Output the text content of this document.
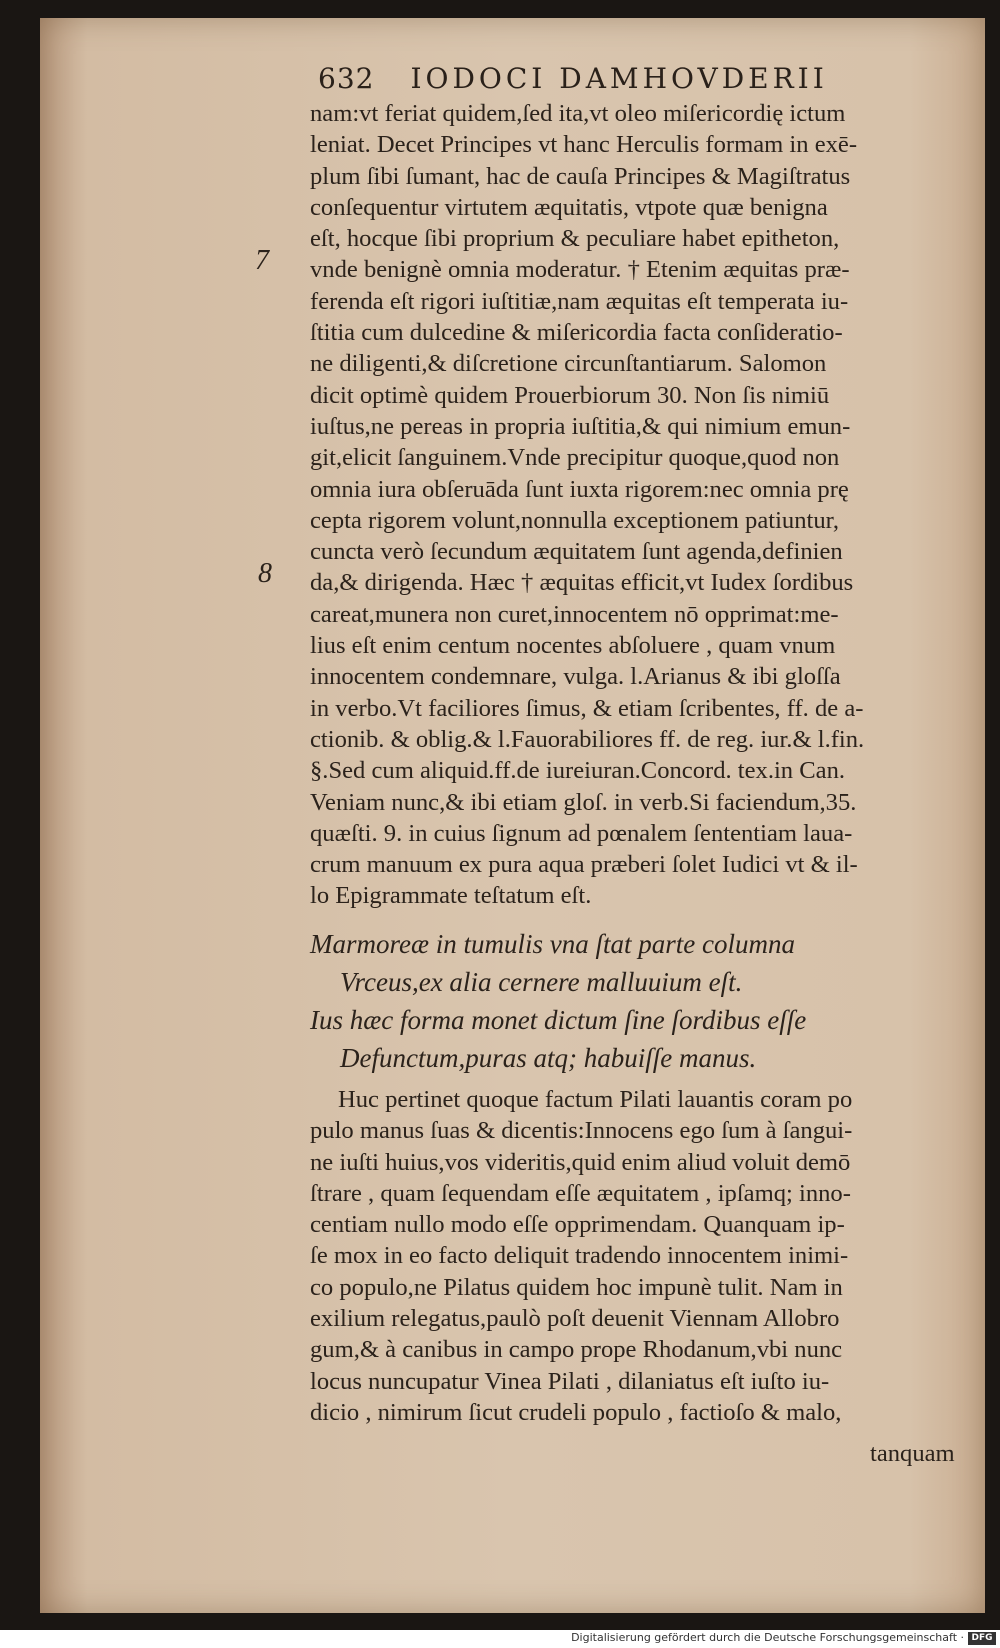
632 IODOCI DAMHOVDERII
7
8
nam:vt feriat quidem,ſed ita,vt oleo miſericordię ictum
leniat. Decet Principes vt hanc Herculis formam in exē-
plum ſibi ſumant, hac de cauſa Principes & Magiſtratus
conſequentur virtutem æquitatis, vtpote quæ benigna
eſt, hocque ſibi proprium & peculiare habet epitheton,
vnde benignè omnia moderatur. † Etenim æquitas præ-
ferenda eſt rigori iuſtitiæ,nam æquitas eſt temperata iu-
ſtitia cum dulcedine & miſericordia facta conſideratio-
ne diligenti,& diſcretione circunſtantiarum. Salomon
dicit optimè quidem Prouerbiorum 30. Non ſis nimiū
iuſtus,ne pereas in propria iuſtitia,& qui nimium emun-
git,elicit ſanguinem.Vnde precipitur quoque,quod non
omnia iura obſeruāda ſunt iuxta rigorem:nec omnia prę
cepta rigorem volunt,nonnulla exceptionem patiuntur,
cuncta verò ſecundum æquitatem ſunt agenda,definien
da,& dirigenda. Hæc † æquitas efficit,vt Iudex ſordibus
careat,munera non curet,innocentem nō opprimat:me-
lius eſt enim centum nocentes abſoluere , quam vnum
innocentem condemnare, vulga. l.Arianus & ibi gloſſa
in verbo.Vt faciliores ſimus, & etiam ſcribentes, ff. de a-
ctionib. & oblig.& l.Fauorabiliores ff. de reg. iur.& l.fin.
§.Sed cum aliquid.ff.de iureiuran.Concord. tex.in Can.
Veniam nunc,& ibi etiam gloſ. in verb.Si faciendum,35.
quæſti. 9. in cuius ſignum ad pœnalem ſententiam laua-
crum manuum ex pura aqua præberi ſolet Iudici vt & il-
lo Epigrammate teſtatum eſt.
Marmoreæ in tumulis vna ſtat parte columna
Vrceus,ex alia cernere malluuium eſt.
Ius hæc forma monet dictum ſine ſordibus eſſe
Defunctum,puras atq; habuiſſe manus.
Huc pertinet quoque factum Pilati lauantis coram po
pulo manus ſuas & dicentis:Innocens ego ſum à ſangui-
ne iuſti huius,vos videritis,quid enim aliud voluit demō
ſtrare , quam ſequendam eſſe æquitatem , ipſamq; inno-
centiam nullo modo eſſe opprimendam. Quanquam ip-
ſe mox in eo facto deliquit tradendo innocentem inimi-
co populo,ne Pilatus quidem hoc impunè tulit. Nam in
exilium relegatus,paulò poſt deuenit Viennam Allobro
gum,& à canibus in campo prope Rhodanum,vbi nunc
locus nuncupatur Vinea Pilati , dilaniatus eſt iuſto iu-
dicio , nimirum ſicut crudeli populo , factioſo & malo,
tanquam
Digitalisierung gefördert durch die Deutsche Forschungsgemeinschaft · DFG
